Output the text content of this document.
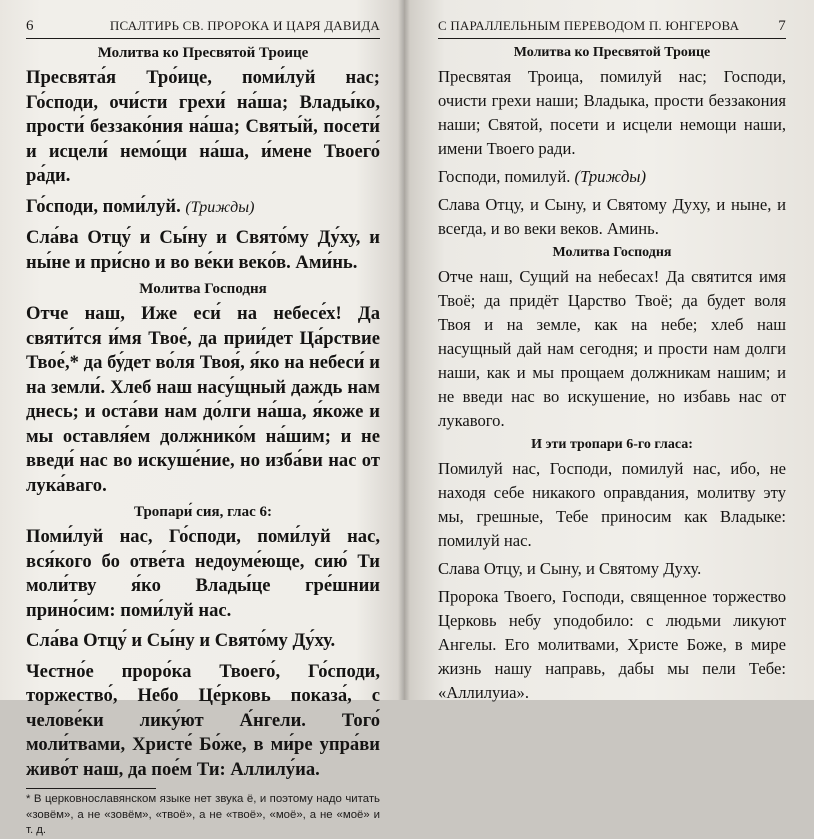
6	ПСАЛТИРЬ СВ. ПРОРОКА И ЦАРЯ ДАВИДА
Молитва ко Пресвятой Троице
Пресвята́я Тро́ице, поми́луй нас; Го́споди, очи́сти грехи́ на́ша; Влады́ко, прости́ беззако́ния на́ша; Святы́й, посети́ и исцели́ немо́щи на́ша, и́мене Твоего́ ра́ди.
Го́споди, поми́луй. (Трижды)
Сла́ва Отцу́ и Сы́ну и Свято́му Ду́ху, и ны́не и при́сно и во ве́ки веко́в. Ами́нь.
Молитва Господня
Отче наш, Иже еси́ на небесе́х! Да святи́тся и́мя Твое́, да прии́дет Ца́рствие Твое́,* да бу́дет во́ля Твоя́, я́ко на небеси́ и на земли́. Хлеб наш насу́щный даждь нам днесь; и оста́ви нам до́лги на́ша, я́коже и мы оставля́ем должнико́м на́шим; и не введи́ нас во искуше́ние, но изба́ви нас от лука́ваго.
Тропари́ сия, глас 6:
Поми́луй нас, Го́споди, поми́луй нас, вся́кого бо отве́та недоуме́юще, сию́ Ти моли́тву я́ко Влады́це гре́шнии прино́сим: поми́луй нас.
Сла́ва Отцу́ и Сы́ну и Свято́му Ду́ху.
Честно́е проро́ка Твоего́, Го́споди, торжество́, Небо Це́рковь показа́, с челове́ки лику́ют А́нгели. Того́ моли́твами, Христе́ Бо́же, в ми́ре упра́ви живо́т наш, да пое́м Ти: Аллилу́иа.
* В церковнославянском языке нет звука ё, и поэтому надо читать «зовём», а не «зовём», «твоё», а не «твоё», «моё», а не «моё» и т. д.
С ПАРАЛЛЕЛЬНЫМ ПЕРЕВОДОМ П. ЮНГЕРОВА	7
Молитва ко Пресвятой Троице
Пресвятая Троица, помилуй нас; Господи, очисти грехи наши; Владыка, прости беззакония наши; Святой, посети и исцели немощи наши, имени Твоего ради.
Господи, помилуй. (Трижды)
Слава Отцу, и Сыну, и Святому Духу, и ныне, и всегда, и во веки веков. Аминь.
Молитва Господня
Отче наш, Сущий на небесах! Да святится имя Твоё; да придёт Царство Твоё; да будет воля Твоя и на земле, как на небе; хлеб наш насущный дай нам сегодня; и прости нам долги наши, как и мы прощаем должникам нашим; и не введи нас во искушение, но избавь нас от лукавого.
И эти тропари 6-го гласа:
Помилуй нас, Господи, помилуй нас, ибо, не находя себе никакого оправдания, молитву эту мы, грешные, Тебе приносим как Владыке: помилуй нас.
Слава Отцу, и Сыну, и Святому Духу.
Пророка Твоего, Господи, священное торжество Церковь небу уподобило: с людьми ликуют Ангелы. Его молитвами, Христе Боже, в мире жизнь нашу направь, дабы мы пели Тебе: «Аллилуиа».
